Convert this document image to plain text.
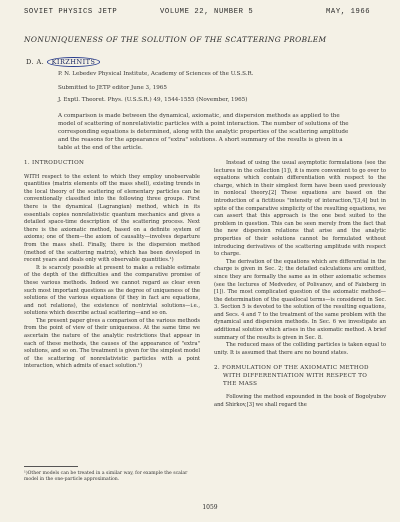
SOVIET PHYSICS JETP	VOLUME 22, NUMBER 5	MAY, 1966
NONUNIQUENESS OF THE SOLUTION OF THE SCATTERING PROBLEM
D. A. KIRZHNITS
P. N. Lebedev Physical Institute, Academy of Sciences of the U.S.S.R.
Submitted to JETP editor June 3, 1965
J. Exptl. Theoret. Phys. (U.S.S.R.) 49, 1544-1555 (November, 1965)
A comparison is made between the dynamical, axiomatic, and dispersion methods as applied to the model of scattering of nonrelativistic particles with a point interaction. The number of solutions of the corresponding equations is determined, along with the analytic properties of the scattering amplitude and the reasons for the appearance of "extra" solutions. A short summary of the results is given in a table at the end of the article.
1. INTRODUCTION

WITH respect to the extent to which they employ unobservable quantities (matrix elements off the mass shell), existing trends in the local theory of the scattering of elementary particles can be conventionally classified into the following three groups. First there is the dynamical (Lagrangian) method, which in its essentials copies nonrelativistic quantum mechanics and gives a detailed space-time description of the scattering process. Next there is the axiomatic method, based on a definite system of axioms; one of them—the axiom of causality—involves departure from the mass shell. Finally, there is the dispersion method (method of the scattering matrix), which has been developed in recent years and deals only with observable quantities.¹)

It is scarcely possible at present to make a reliable estimate of the depth of the difficulties and the comparative promise of these various methods. Indeed we cannot regard as clear even such most important questions as the degree of uniqueness of the solutions of the various equations (if they in fact are equations, and not relations), the existence of nontrivial solutions—i.e., solutions which describe actual scattering—and so on.

The present paper gives a comparison of the various methods from the point of view of their uniqueness. At the same time we ascertain the nature of the analytic restrictions that appear in each of these methods, the causes of the appearance of "extra" solutions, and so on. The treatment is given for the simplest model of the scattering of nonrelativistic particles with a point interaction, which admits of exact solution.¹)

¹)Other models can be treated in a similar way, for example the scalar model in the one-particle approximation.

Instead of using the usual asymptotic formulations (see the lectures in the collection [1]), it is more convenient to go over to equations which contain differentiation with respect to the charge, which in their simplest form have been used previously in nonlocal theory.[2] These equations are based on the introduction of a fictitious "intensity of interaction,"[3,4] but in spite of the comparative simplicity of the resulting equations, we can assert that this approach is the one best suited to the problem in question. This can be seen merely from the fact that the new dispersion relations that arise and the analytic properties of their solutions cannot be formulated without introducing derivatives of the scattering amplitude with respect to charge.

The derivation of the equations which are differential in the charge is given in Sec. 2; the detailed calculations are omitted, since they are formally the same as in other axiomatic schemes (see the lectures of Medvedev, of Polivanov, and of Faінberg in [1]). The most complicated question of the axiomatic method—the determination of the quasilocal terms—is considered in Sec. 3. Section 5 is devoted to the solution of the resulting equations, and Secs. 4 and 7 to the treatment of the same problem with the dynamical and dispersion methods. In Sec. 6 we investigate an additional solution which arises in the axiomatic method. A brief summary of the results is given in Sec. 8.

The reduced mass of the colliding particles is taken equal to unity. It is assumed that there are no bound states.

2. FORMULATION OF THE AXIOMATIC METHOD
WITH DIFFERENTIATION WITH RESPECT TO
THE MASS

Following the method expounded in the book of Bogolyubov and Shirkov,[3] we shall regard the

1059
